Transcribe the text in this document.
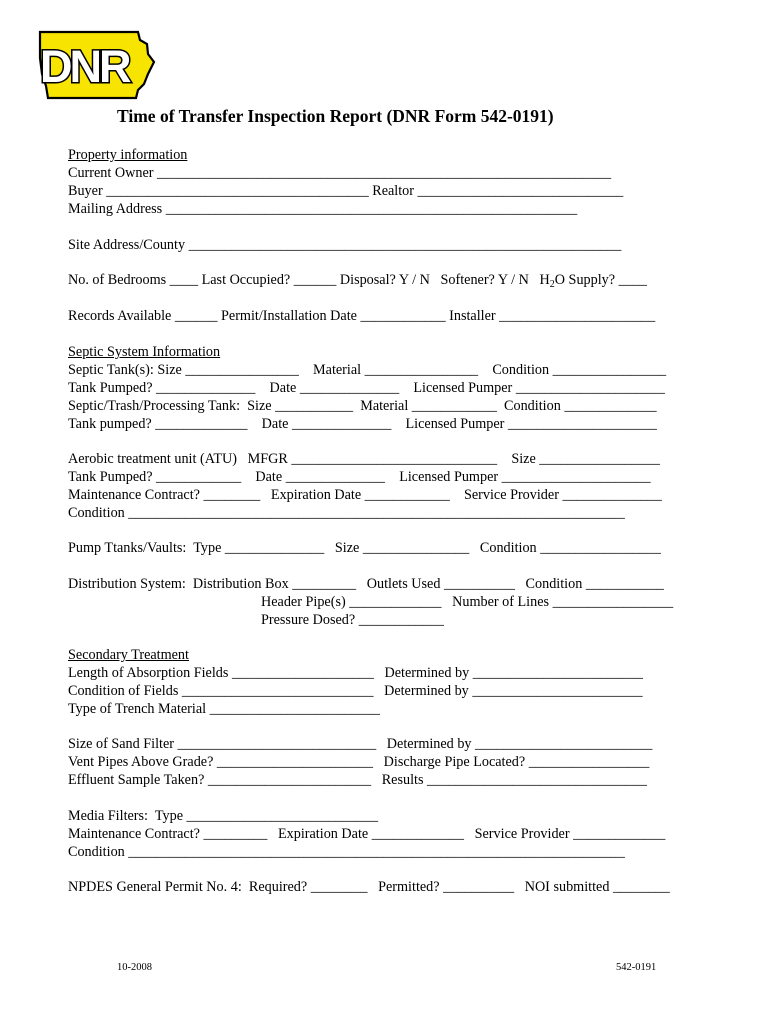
DNR
Time of Transfer Inspection Report (DNR Form 542-0191)
Property information
Current Owner ________________________________________________________________
Buyer _____________________________________ Realtor _____________________________
Mailing Address __________________________________________________________
Site Address/County _____________________________________________________________
No. of Bedrooms ____ Last Occupied? ______ Disposal? Y / N   Softener? Y / N   $H_2O$ Supply? ____
Records Available ______ Permit/Installation Date ____________ Installer ______________________
Septic System Information
Septic Tank(s): Size ________________    Material ________________    Condition ________________
Tank Pumped? ______________    Date ______________    Licensed Pumper _____________________
Septic/Trash/Processing Tank:  Size ___________  Material ____________  Condition _____________
Tank pumped? _____________    Date ______________    Licensed Pumper _____________________
Aerobic treatment unit (ATU)   MFGR _____________________________    Size _________________
Tank Pumped? ____________    Date ______________    Licensed Pumper _____________________
Maintenance Contract? ________   Expiration Date ____________    Service Provider ______________
Condition ______________________________________________________________________
Pump Ttanks/Vaults:  Type ______________   Size _______________   Condition _________________
Distribution System:  Distribution Box _________   Outlets Used __________   Condition ___________
Header Pipe(s) _____________   Number of Lines _________________
Pressure Dosed? ____________
Secondary Treatment
Length of Absorption Fields ____________________   Determined by ________________________
Condition of Fields ___________________________   Determined by ________________________
Type of Trench Material ________________________
Size of Sand Filter ____________________________   Determined by _________________________
Vent Pipes Above Grade? ______________________   Discharge Pipe Located? _________________
Effluent Sample Taken? _______________________   Results _______________________________
Media Filters:  Type ___________________________
Maintenance Contract? _________   Expiration Date _____________   Service Provider _____________
Condition ______________________________________________________________________
NPDES General Permit No. 4:  Required? ________   Permitted? __________   NOI submitted ________
10-2008	542-0191
